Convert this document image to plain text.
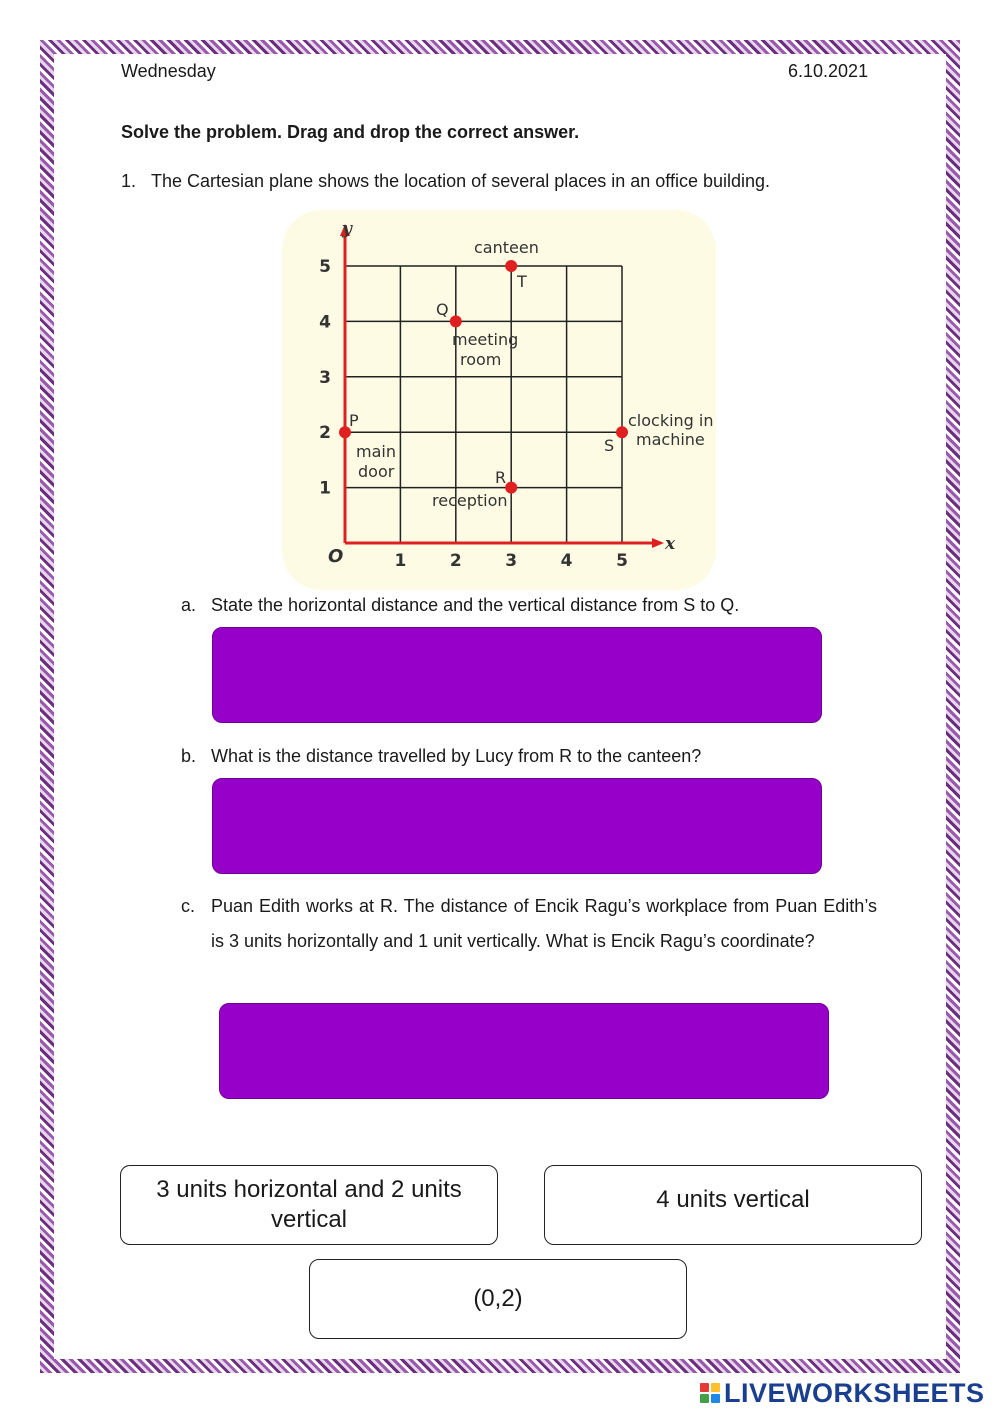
Wednesday	6.10.2021
Solve the problem. Drag and drop the correct answer.
1. The Cartesian plane shows the location of several places in an office building.
y
x
O	1	2	3	4	5
1
2
3
4
5
canteen
T
Q
meeting
room
P
main
door
S
clocking in
machine
R
reception
a. State the horizontal distance and the vertical distance from S to Q.
b. What is the distance travelled by Lucy from R to the canteen?
c. Puan Edith works at R. The distance of Encik Ragu’s workplace from Puan Edith’s is 3 units horizontally and 1 unit vertically. What is Encik Ragu’s coordinate?
3 units horizontal and 2 units vertical
4 units vertical
(0,2)
LIVEWORKSHEETS
